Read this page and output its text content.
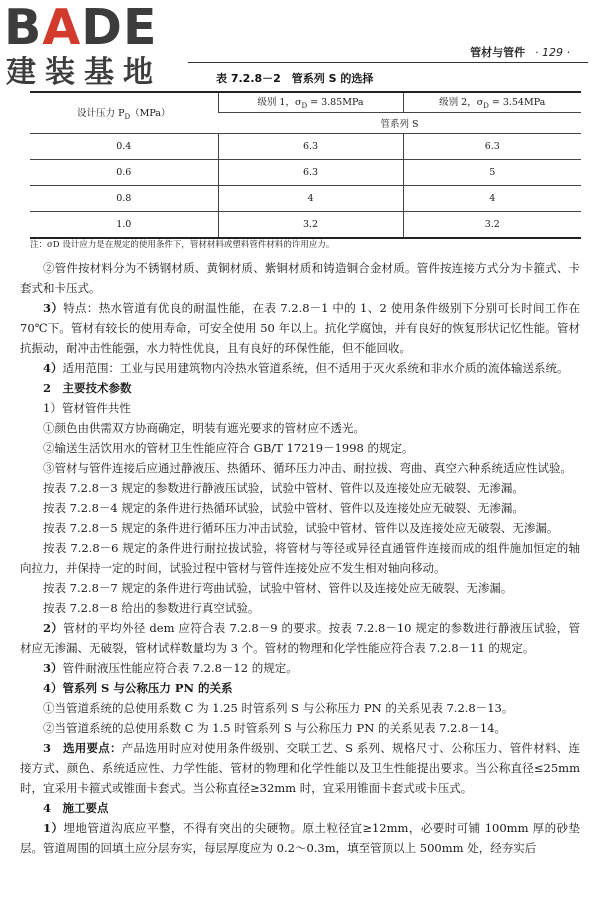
BADE
建装基地
管材与管件 · 129 ·
表 7.2.8－2　管系列 S 的选择
设计压力 $P_D(MPa)$	级别 1，$\sigma_D = 3.85MPa$	级别 2，$\sigma_D = 3.54MPa$
	管系列 S	
0.4	6.3	6.3
0.6	6.3	5
0.8	4	4
1.0	3.2	3.2
注：σD 设计应力是在规定的使用条件下，管材材料或塑料管件材料的许用应力。

②管件按材料分为不锈钢材质、黄铜材质、紫铜材质和铸造铜合金材质。管件按连接方式分为卡箍式、卡套式和卡压式。

3）特点：热水管道有优良的耐温性能，在表 7.2.8－1 中的 1、2 使用条件级别下分别可长时间工作在 70℃下。管材有较长的使用寿命，可安全使用 50 年以上。抗化学腐蚀，并有良好的恢复形状记忆性能。管材抗振动，耐冲击性能强，水力特性优良，且有良好的环保性能，但不能回收。

4）适用范围：工业与民用建筑物内冷热水管道系统，但不适用于灭火系统和非水介质的流体输送系统。

2　主要技术参数

1）管材管件共性

①颜色由供需双方协商确定，明装有遮光要求的管材应不透光。

②输送生活饮用水的管材卫生性能应符合 GB/T 17219－1998 的规定。

③管材与管件连接后应通过静液压、热循环、循环压力冲击、耐拉拔、弯曲、真空六种系统适应性试验。

按表 7.2.8－3 规定的参数进行静液压试验，试验中管材、管件以及连接处应无破裂、无渗漏。

按表 7.2.8－4 规定的条件进行热循环试验，试验中管材、管件以及连接处应无破裂、无渗漏。

按表 7.2.8－5 规定的条件进行循环压力冲击试验，试验中管材、管件以及连接处应无破裂、无渗漏。

按表 7.2.8－6 规定的条件进行耐拉拔试验，将管材与等径或异径直通管件连接而成的组件施加恒定的轴向拉力，并保持一定的时间，试验过程中管材与管件连接处应不发生相对轴向移动。

按表 7.2.8－7 规定的条件进行弯曲试验，试验中管材、管件以及连接处应无破裂、无渗漏。

按表 7.2.8－8 给出的参数进行真空试验。

2）管材的平均外径 dem 应符合表 7.2.8－9 的要求。按表 7.2.8－10 规定的参数进行静液压试验，管材应无渗漏、无破裂，管材试样数量均为 3 个。管材的物理和化学性能应符合表 7.2.8－11 的规定。

3）管件耐液压性能应符合表 7.2.8－12 的规定。

4）管系列 S 与公称压力 PN 的关系

①当管道系统的总使用系数 C 为 1.25 时管系列 S 与公称压力 PN 的关系见表 7.2.8－13。

②当管道系统的总使用系数 C 为 1.5 时管系列 S 与公称压力 PN 的关系见表 7.2.8－14。

3　选用要点：产品选用时应对使用条件级别、交联工艺、S 系列、规格尺寸、公称压力、管件材料、连接方式、颜色、系统适应性、力学性能、管材的物理和化学性能以及卫生性能提出要求。当公称直径≤25mm 时，宜采用卡箍式或锥面卡套式。当公称直径≥32mm 时，宜采用锥面卡套式或卡压式。

4　施工要点

1）埋地管道沟底应平整，不得有突出的尖硬物。原土粒径宜≥12mm，必要时可铺 100mm 厚的砂垫层。管道周围的回填土应分层夯实，每层厚度应为 0.2～0.3m，填至管顶以上 500mm 处，经夯实后
